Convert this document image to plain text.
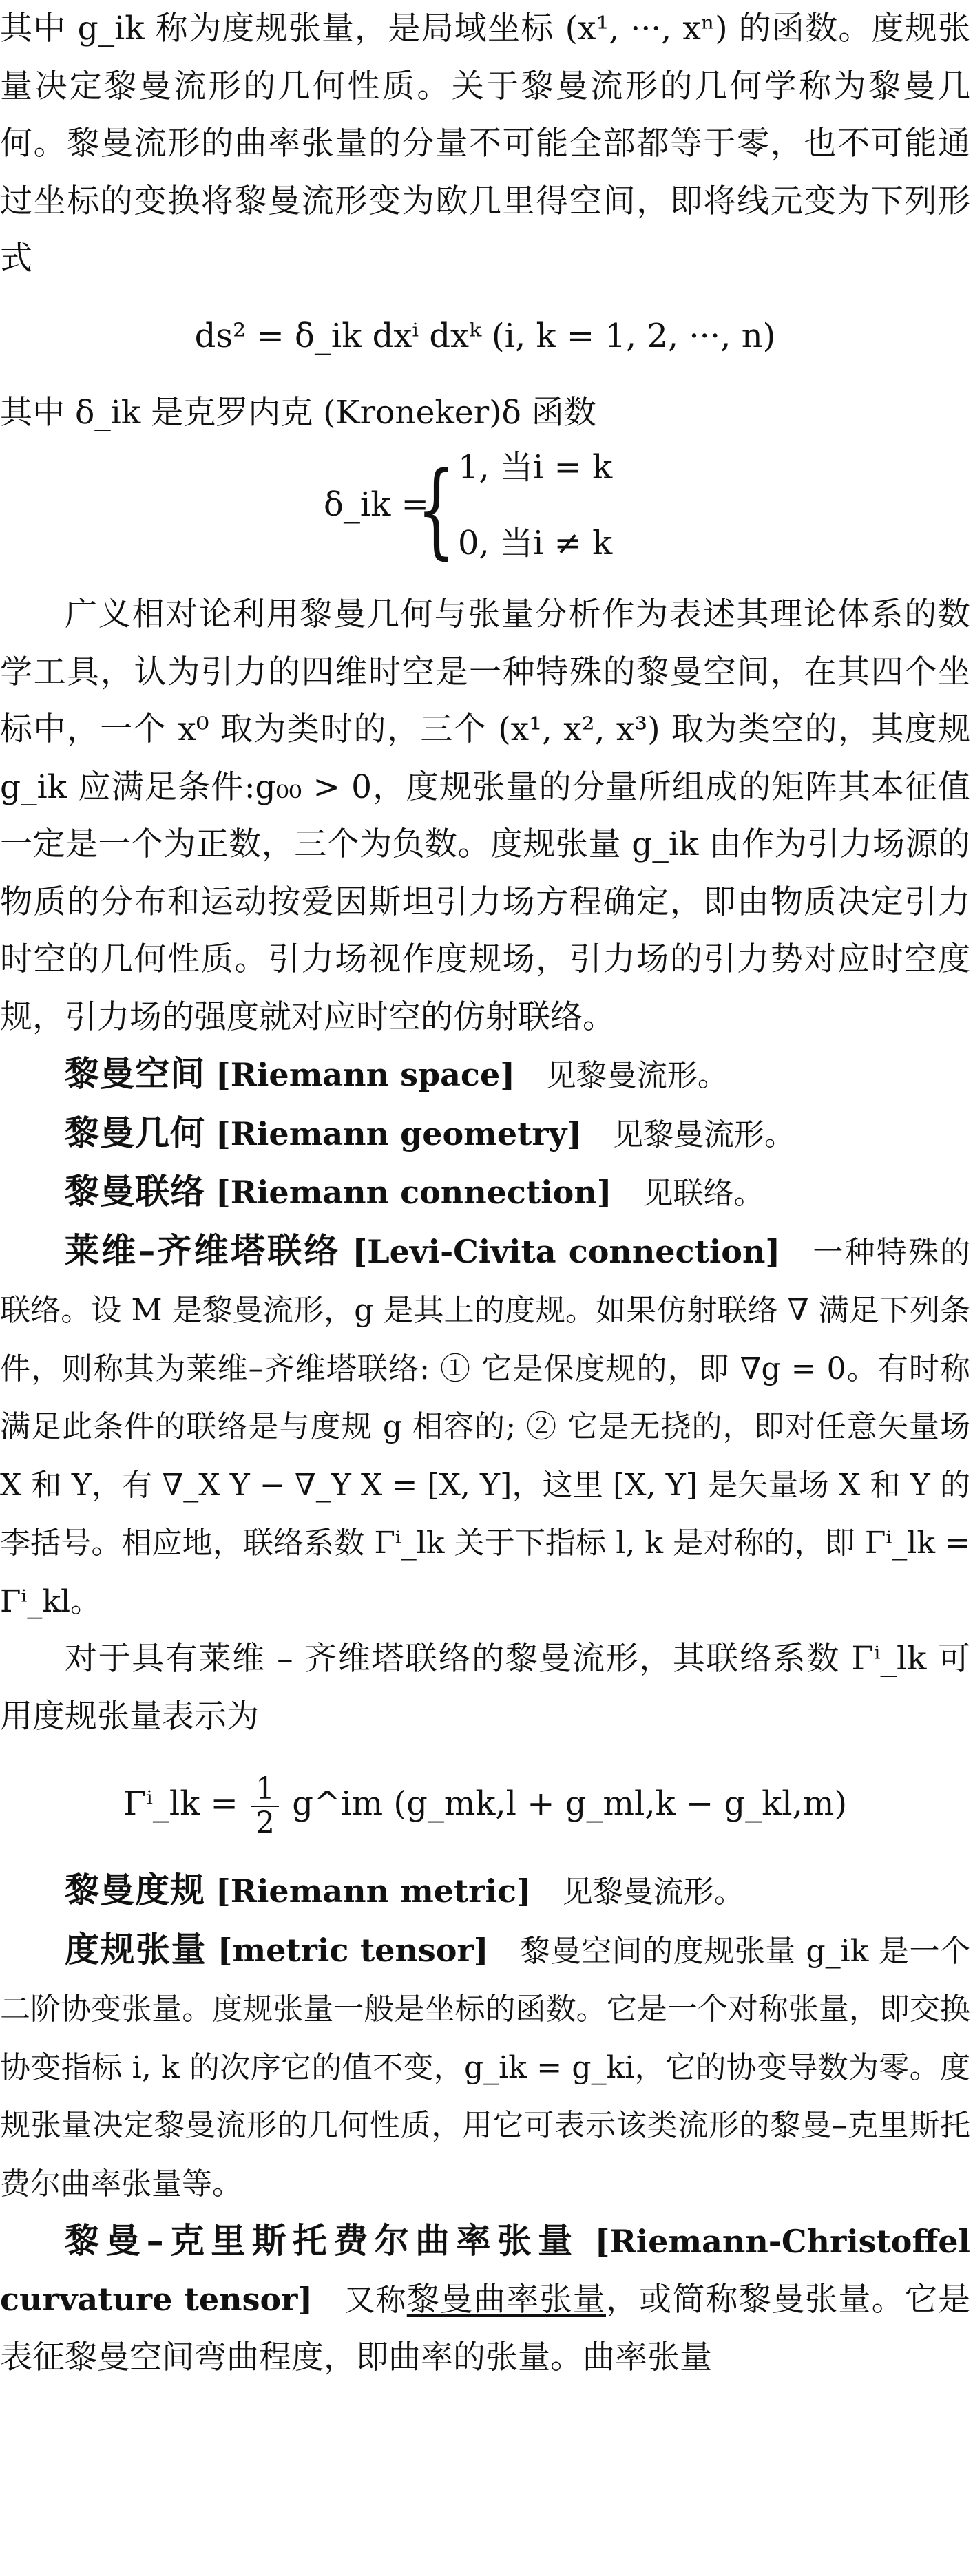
其中 g_ik 称为度规张量，是局域坐标 (x¹, ···, xⁿ) 的函数。度规张量决定黎曼流形的几何性质。关于黎曼流形的几何学称为黎曼几何。黎曼流形的曲率张量的分量不可能全部都等于零，也不可能通过坐标的变换将黎曼流形变为欧几里得空间，即将线元变为下列形式

ds² = δ_ik dxⁱ dxᵏ (i, k = 1, 2, ···, n)

其中 δ_ik 是克罗内克 (Kroneker)δ 函数

δ_ik =
{ 1, 当i = k
0, 当i ≠ k

广义相对论利用黎曼几何与张量分析作为表述其理论体系的数学工具，认为引力的四维时空是一种特殊的黎曼空间，在其四个坐标中，一个 x⁰ 取为类时的，三个 (x¹, x², x³) 取为类空的，其度规 g_ik 应满足条件:g₀₀ > 0，度规张量的分量所组成的矩阵其本征值一定是一个为正数，三个为负数。度规张量 g_ik 由作为引力场源的物质的分布和运动按爱因斯坦引力场方程确定，即由物质决定引力时空的几何性质。引力场视作度规场，引力场的引力势对应时空度规，引力场的强度就对应时空的仿射联络。

黎曼空间 [Riemann space] 见黎曼流形。

黎曼几何 [Riemann geometry] 见黎曼流形。

黎曼联络 [Riemann connection] 见联络。

莱维–齐维塔联络 [Levi-Civita connection] 一种特殊的联络。设 M 是黎曼流形，g 是其上的度规。如果仿射联络 ∇ 满足下列条件，则称其为莱维–齐维塔联络: ① 它是保度规的，即 ∇g = 0。有时称满足此条件的联络是与度规 g 相容的; ② 它是无挠的，即对任意矢量场 X 和 Y，有 ∇_X Y − ∇_Y X = [X, Y]，这里 [X, Y] 是矢量场 X 和 Y 的李括号。相应地，联络系数 Γⁱ_lk 关于下指标 l, k 是对称的，即 Γⁱ_lk = Γⁱ_kl。

对于具有莱维 – 齐维塔联络的黎曼流形，其联络系数 Γⁱ_lk 可用度规张量表示为

Γⁱ_lk = $\frac{1}{2}$ g^im (g_mk,l + g_ml,k − g_kl,m)

黎曼度规 [Riemann metric] 见黎曼流形。

度规张量 [metric tensor] 黎曼空间的度规张量 g_ik 是一个二阶协变张量。度规张量一般是坐标的函数。它是一个对称张量，即交换协变指标 i, k 的次序它的值不变，g_ik = g_ki，它的协变导数为零。度规张量决定黎曼流形的几何性质，用它可表示该类流形的黎曼–克里斯托费尔曲率张量等。

黎曼–克里斯托费尔曲率张量 [Riemann-Christoffel curvature tensor] 又称黎曼曲率张量，或简称黎曼张量。它是表征黎曼空间弯曲程度，即曲率的张量。曲率张量
